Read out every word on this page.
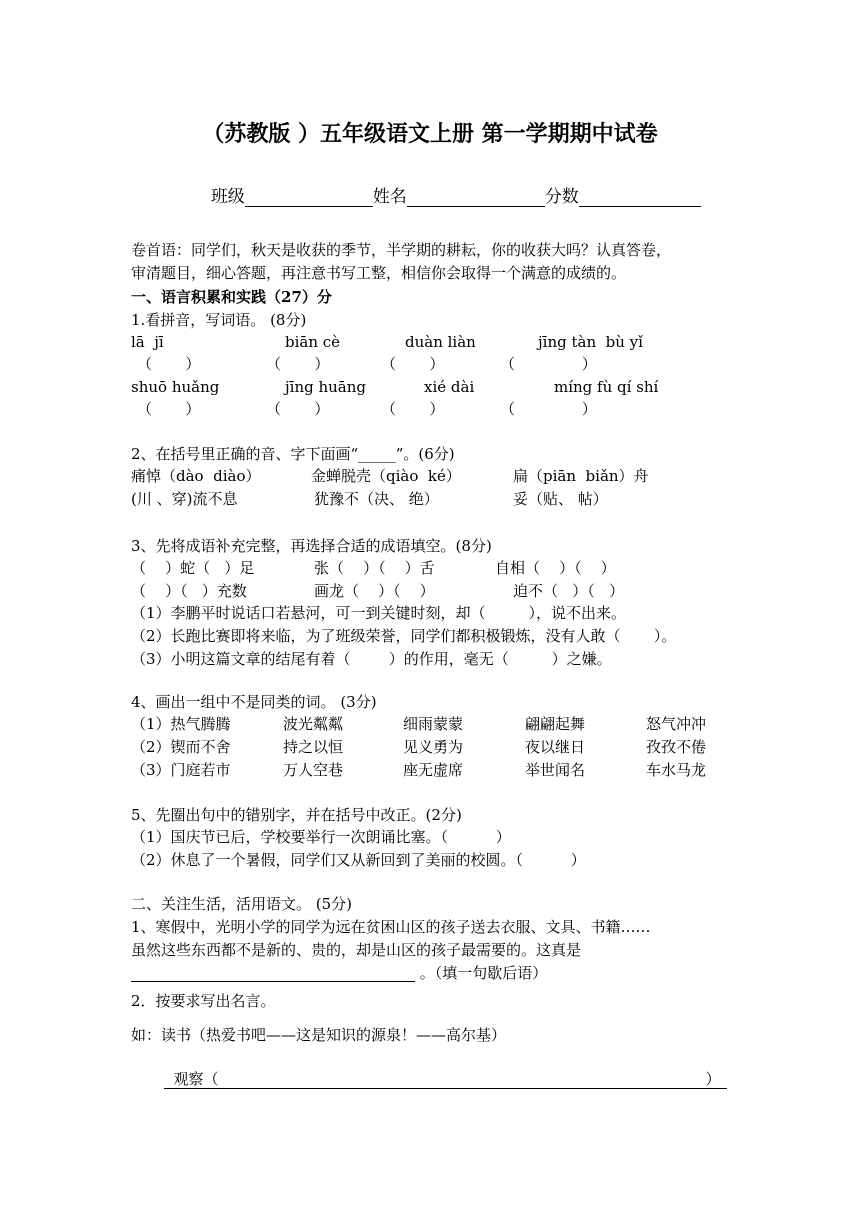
（苏教版 ）五年级语文上册 第一学期期中试卷

班级	姓名	分数

卷首语：同学们，秋天是收获的季节，半学期的耕耘，你的收获大吗？认真答卷，
审清题目，细心答题，再注意书写工整，相信你会取得一个满意的成绩的。
一、语言积累和实践（27）分
1.看拼音，写词语。 (8分)
lā  jī	biān cè	duàn liàn	jīng tàn  bù yǐ
（       ）	（       ）	（       ）	（              ）
shuō huǎng	jīng huāng	xié dài	míng fù qí shí
（       ）	（       ）	（       ）	（              ）
2、在括号里正确的音、字下面画“_____”。(6分)
痛悼（dào  diào）	金蝉脱壳（qiào  ké）	扁（piān  biǎn）舟
(川 、穿)流不息	犹豫不（决、 绝）	妥（贴、 帖）
3、先将成语补充完整，再选择合适的成语填空。(8分)
（    ）蛇（   ）足	张（    ）（    ）舌	自相（    ）（    ）
（    ）（   ）充数	画龙（    ）（    ）	迫不（   ）（   ）
（1）李鹏平时说话口若悬河，可一到关键时刻，却（         ），说不出来。
（2）长跑比赛即将来临，为了班级荣誉，同学们都积极锻炼，没有人敢（       ）。
（3）小明这篇文章的结尾有着（        ）的作用，毫无（         ）之嫌。
4、画出一组中不是同类的词。 (3分)
（1）热气腾腾	波光粼粼	细雨蒙蒙	翩翩起舞	怒气冲冲
（2）锲而不舍	持之以恒	见义勇为	夜以继日	孜孜不倦
（3）门庭若市	万人空巷	座无虚席	举世闻名	车水马龙
5、先圈出句中的错别字，并在括号中改正。(2分)
（1）国庆节已后，学校要举行一次朗诵比塞。（          ）
（2）休息了一个暑假，同学们又从新回到了美丽的校圆。（          ）
二、关注生活，活用语文。 (5分)
1、寒假中，光明小学的同学为远在贫困山区的孩子送去衣服、文具、书籍……
虽然这些东西都不是新的、贵的，却是山区的孩子最需要的。这真是
。（填一句歇后语）
2．按要求写出名言。
如：读书（热爱书吧——这是知识的源泉！——高尔基）

观察（	）
